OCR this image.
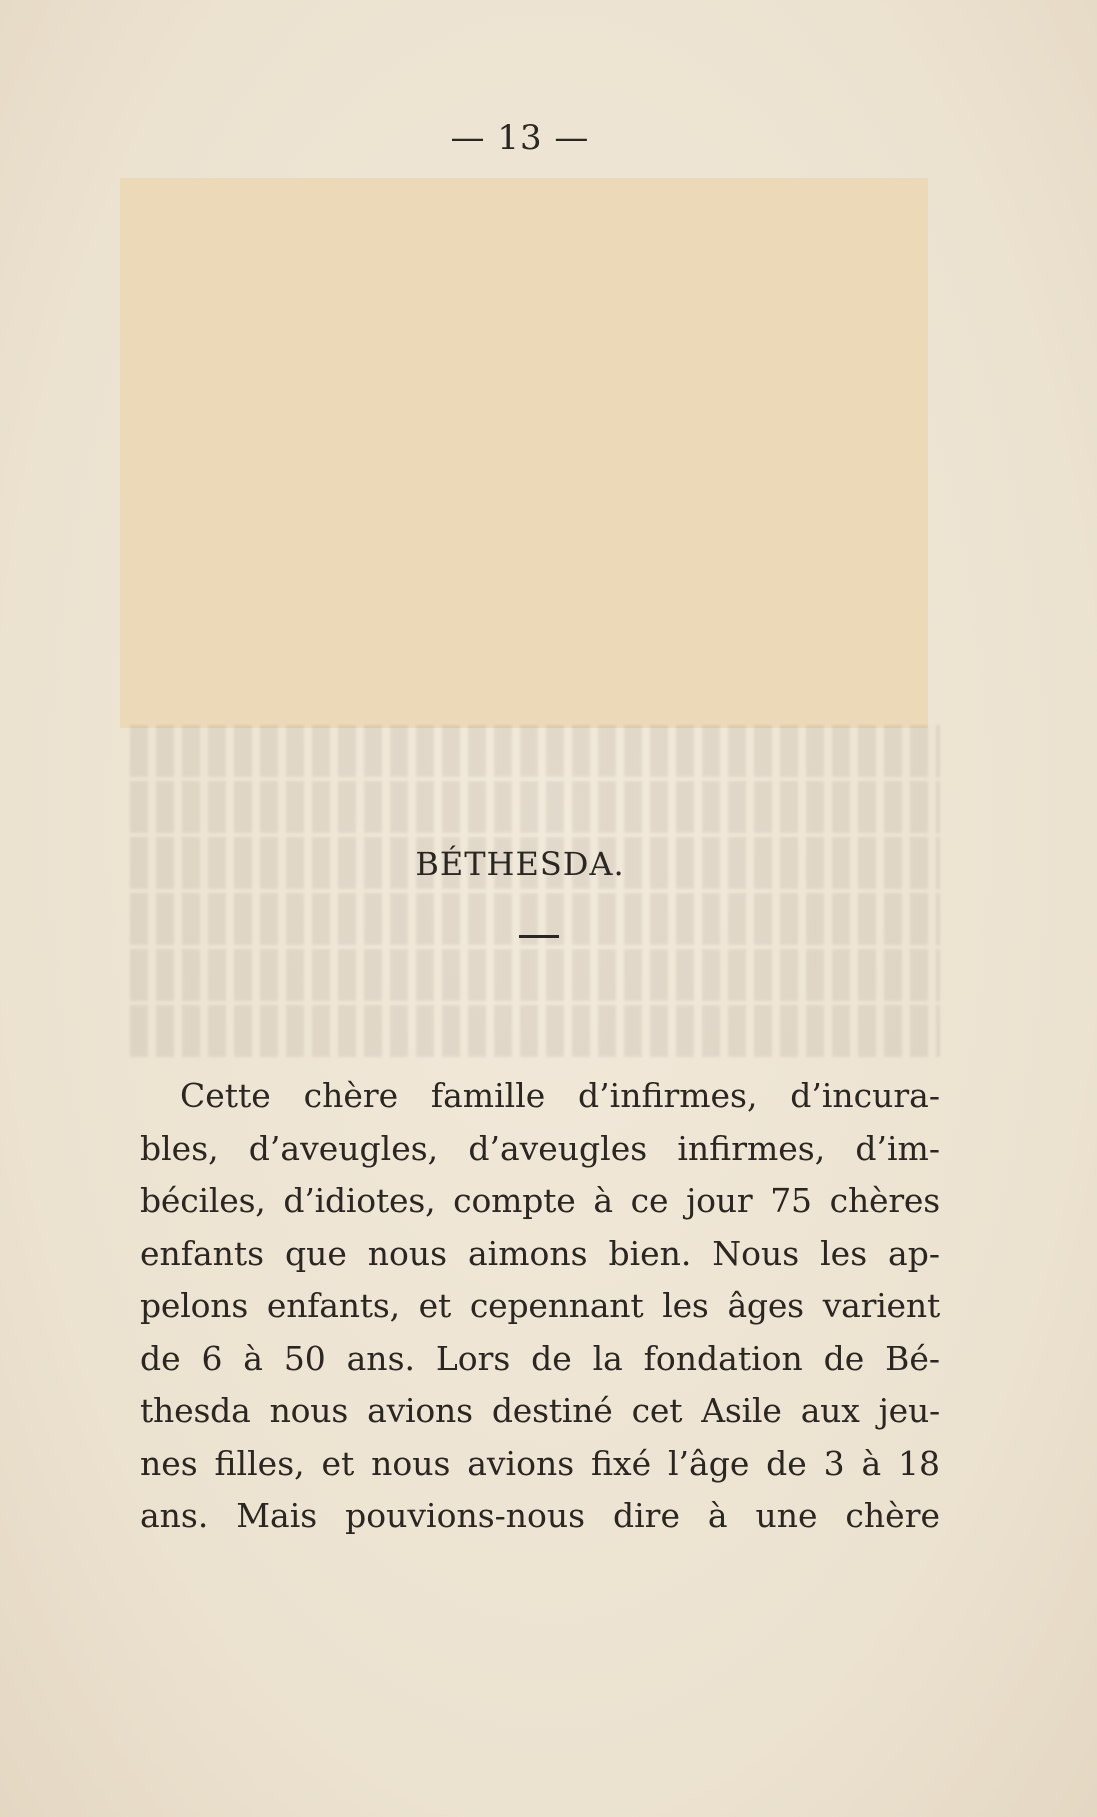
— 13 —
BÉTHESDA.
Cette chère famille d’infirmes, d’incura-
bles, d’aveugles, d’aveugles infirmes, d’im-
béciles, d’idiotes, compte à ce jour 75 chères
enfants que nous aimons bien. Nous les ap-
pelons enfants, et cepennant les âges varient
de 6 à 50 ans. Lors de la fondation de Bé-
thesda nous avions destiné cet Asile aux jeu-
nes filles, et nous avions fixé l’âge de 3 à 18
ans. Mais pouvions-nous dire à une chère
